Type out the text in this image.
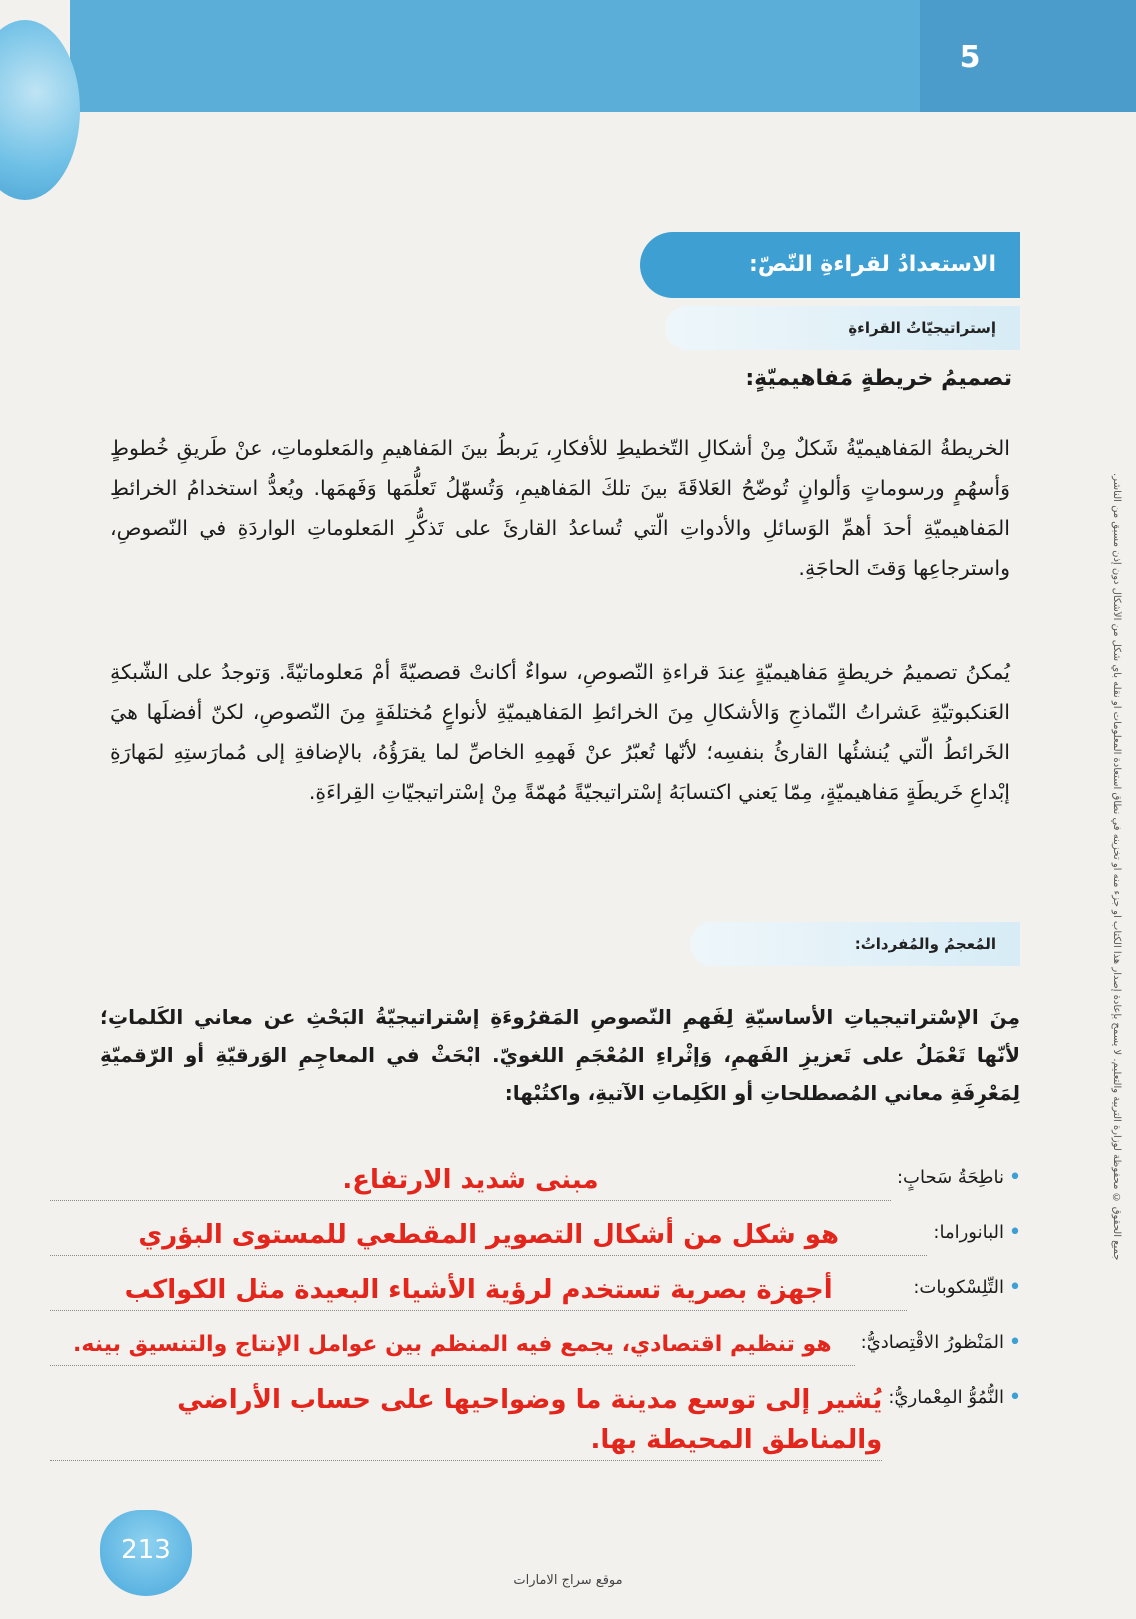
5
جميع الحقوق © محفوظة لوزارة التربية والتعليم. لا يسمح بإعادة إصدار هذا الكتاب أو جزء منه أو تخزينه في نطاق استعادة المعلومات أو نقله بأي شكل من الأشكال دون إذن مسبق من الناشر.
الاستعدادُ لقراءةِ النّصّ:
إستراتيجيّاتُ القراءةِ
تصميمُ خريطةٍ مَفاهيميّةٍ:
الخريطةُ المَفاهيميّةُ شَكلٌ مِنْ أشكالِ التّخطيطِ للأفكارِ، يَربطُ بينَ المَفاهيمِ والمَعلوماتِ، عنْ طَريقِ خُطوطٍ وَأسهُمٍ ورسوماتٍ وَألوانٍ تُوضّحُ العَلاقَةَ بينَ تلكَ المَفاهيمِ، وَتُسهّلُ تَعلُّمَها وَفَهمَها. ويُعدُّ استخدامُ الخرائطِ المَفاهيميّةِ أحدَ أهمِّ الوَسائلِ والأدواتِ الّتي تُساعدُ القارئَ على تَذكُّرِ المَعلوماتِ الواردَةِ في النّصوصِ، واسترجاعِها وَقتَ الحاجَةِ.
يُمكنُ تصميمُ خريطةٍ مَفاهيميّةٍ عِندَ قراءةِ النّصوصِ، سواءٌ أكانتْ قصصيّةً أمْ مَعلوماتيّةً. وَتوجدُ على الشّبكةِ العَنكبوتيّةِ عَشراتُ النّماذجِ وَالأشكالِ مِنَ الخرائطِ المَفاهيميّةِ لأنواعٍ مُختلفَةٍ مِنَ النّصوصِ، لكنّ أفضلَها هيَ الخَرائطُ الّتي يُنشئُها القارئُ بنفسِه؛ لأنّها تُعبّرُ عنْ فَهمِهِ الخاصِّ لما يقرَؤُهُ، بالإضافةِ إلى مُمارَستِهِ لمَهارَةِ إبْداعِ خَريطَةٍ مَفاهيميّةٍ، مِمّا يَعني اكتسابَهُ إسْتراتيجيّةً مُهمّةً مِنْ إسْتراتيجيّاتِ القِراءَةِ.
المُعجمُ والمُفرداتُ:
مِنَ الإسْتراتيجياتِ الأساسيّةِ لِفَهمِ النّصوصِ المَقرُوءَةِ إسْتراتيجيّةُ البَحْثِ عن معاني الكَلماتِ؛ لأنّها تَعْمَلُ على تَعزيزِ الفَهمِ، وَإثْراءِ المُعْجَمِ اللغويّ. ابْحَثْ في المعاجِمِ الوَرقيّةِ أو الرّقميّةِ لِمَعْرِفَةِ معاني المُصطلحاتِ أو الكَلِماتِ الآتيةِ، واكتُبْها:
•
ناطِحَةُ سَحابٍ:
مبنى شديد الارتفاع.
•
البانوراما:
هو شكل من أشكال التصوير المقطعي للمستوى البؤري
•
التِّلِسْكوبات:
أجهزة بصرية تستخدم لرؤية الأشياء البعيدة مثل الكواكب
•
المَنْظورُ الاقْتِصاديُّ:
هو تنظيم اقتصادي، يجمع فيه المنظم بين عوامل الإنتاج والتنسيق بينه.
•
النُّمُوُّ المِعْماريُّ:
يُشير إلى توسع مدينة ما وضواحيها على حساب الأراضي والمناطق المحيطة بها.
213
موقع سراج الامارات
